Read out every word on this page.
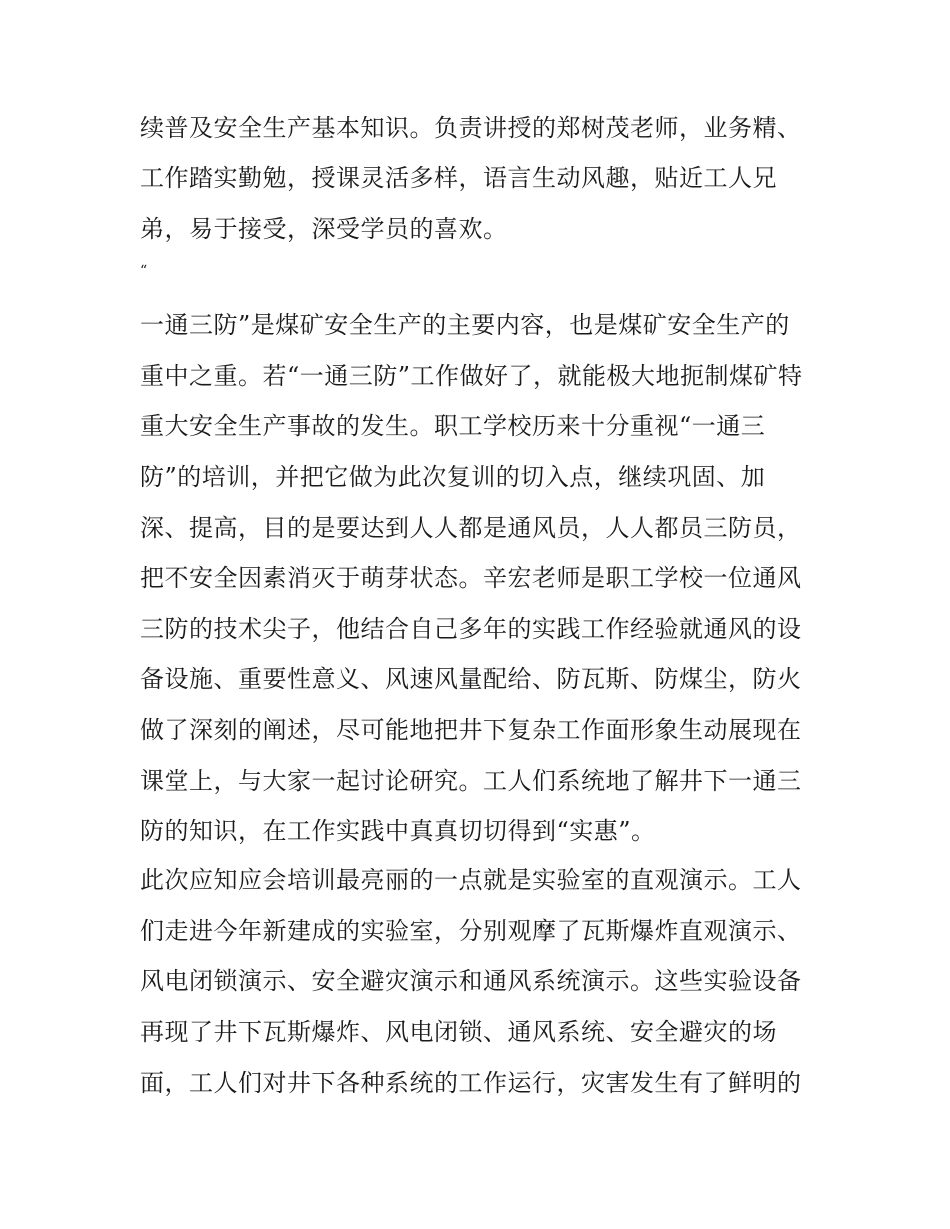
续普及安全生产基本知识。负责讲授的郑树茂老师，业务精、
工作踏实勤勉，授课灵活多样，语言生动风趣，贴近工人兄
弟，易于接受，深受学员的喜欢。
“
一通三防”是煤矿安全生产的主要内容，也是煤矿安全生产的
重中之重。若“一通三防”工作做好了，就能极大地扼制煤矿特
重大安全生产事故的发生。职工学校历来十分重视“一通三
防”的培训，并把它做为此次复训的切入点，继续巩固、加
深、提高，目的是要达到人人都是通风员，人人都员三防员，
把不安全因素消灭于萌芽状态。辛宏老师是职工学校一位通风
三防的技术尖子，他结合自己多年的实践工作经验就通风的设
备设施、重要性意义、风速风量配给、防瓦斯、防煤尘，防火
做了深刻的阐述，尽可能地把井下复杂工作面形象生动展现在
课堂上，与大家一起讨论研究。工人们系统地了解井下一通三
防的知识，在工作实践中真真切切得到“实惠”。
此次应知应会培训最亮丽的一点就是实验室的直观演示。工人
们走进今年新建成的实验室，分别观摩了瓦斯爆炸直观演示、
风电闭锁演示、安全避灾演示和通风系统演示。这些实验设备
再现了井下瓦斯爆炸、风电闭锁、通风系统、安全避灾的场
面，工人们对井下各种系统的工作运行，灾害发生有了鲜明的
